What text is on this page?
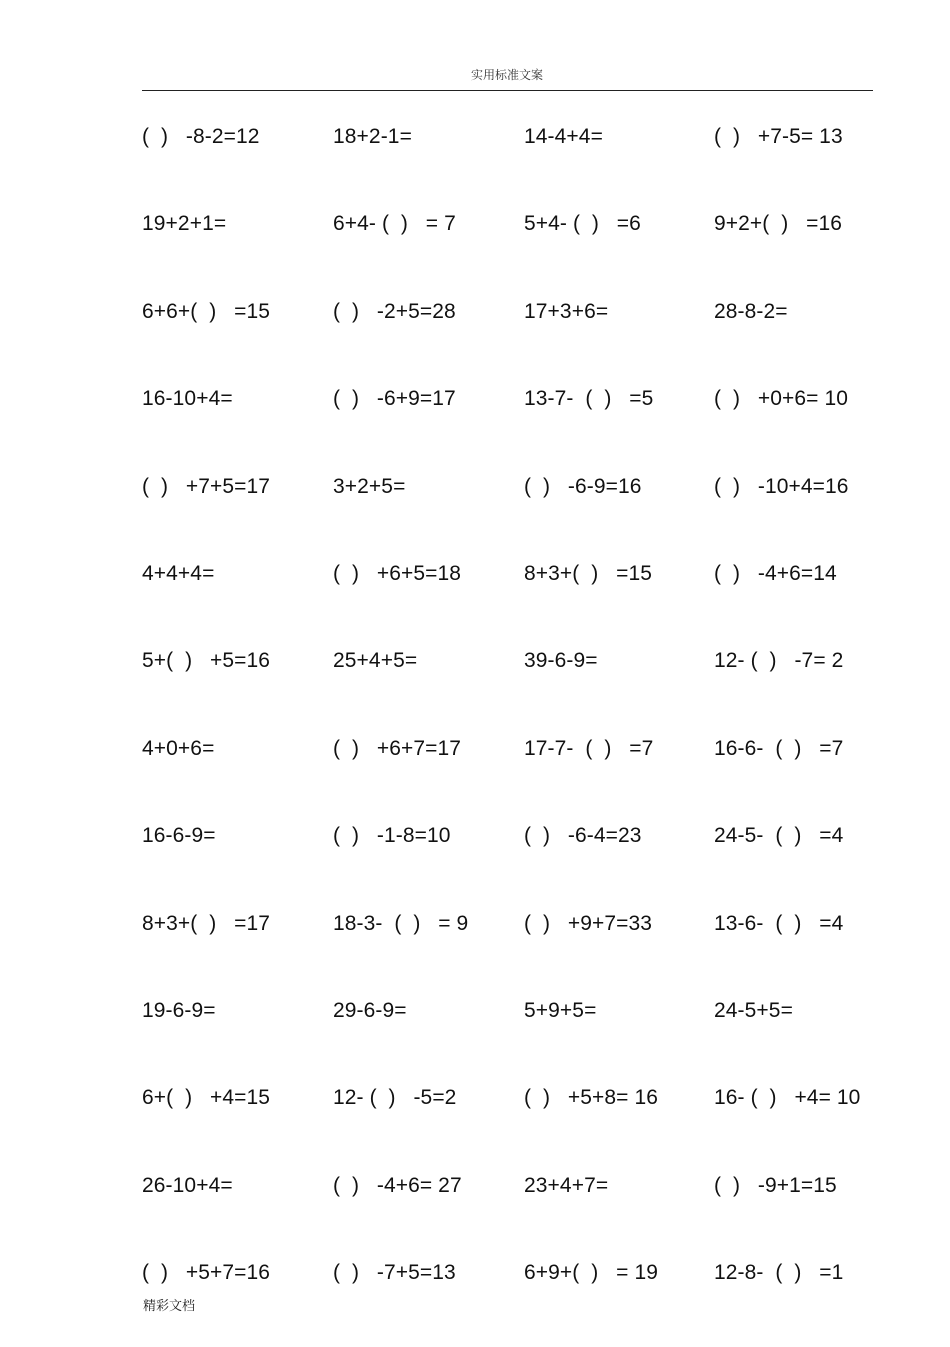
实用标准文案
(  )   -8-2=12	18+2-1=	14-4+4=	(  )   +7-5= 13
19+2+1=	6+4- (  )   = 7	5+4- (  )   =6	9+2+(  )   =16
6+6+(  )   =15	(  )   -2+5=28	17+3+6=	28-8-2=
16-10+4=	(  )   -6+9=17	13-7-  (  )   =5	(  )   +0+6= 10
(  )   +7+5=17	3+2+5=	(  )   -6-9=16	(  )   -10+4=16
4+4+4=	(  )   +6+5=18	8+3+(  )   =15	(  )   -4+6=14
5+(  )   +5=16	25+4+5=	39-6-9=	12- (  )   -7= 2
4+0+6=	(  )   +6+7=17	17-7-  (  )   =7	16-6-  (  )   =7
16-6-9=	(  )   -1-8=10	(  )   -6-4=23	24-5-  (  )   =4
8+3+(  )   =17	18-3-  (  )   = 9	(  )   +9+7=33	13-6-  (  )   =4
19-6-9=	29-6-9=	5+9+5=	24-5+5=
6+(  )   +4=15	12- (  )   -5=2	(  )   +5+8= 16	16- (  )   +4= 10
26-10+4=	(  )   -4+6= 27	23+4+7=	(  )   -9+1=15
(  )   +5+7=16	(  )   -7+5=13	6+9+(  )   = 19	12-8-  (  )   =1
精彩文档
